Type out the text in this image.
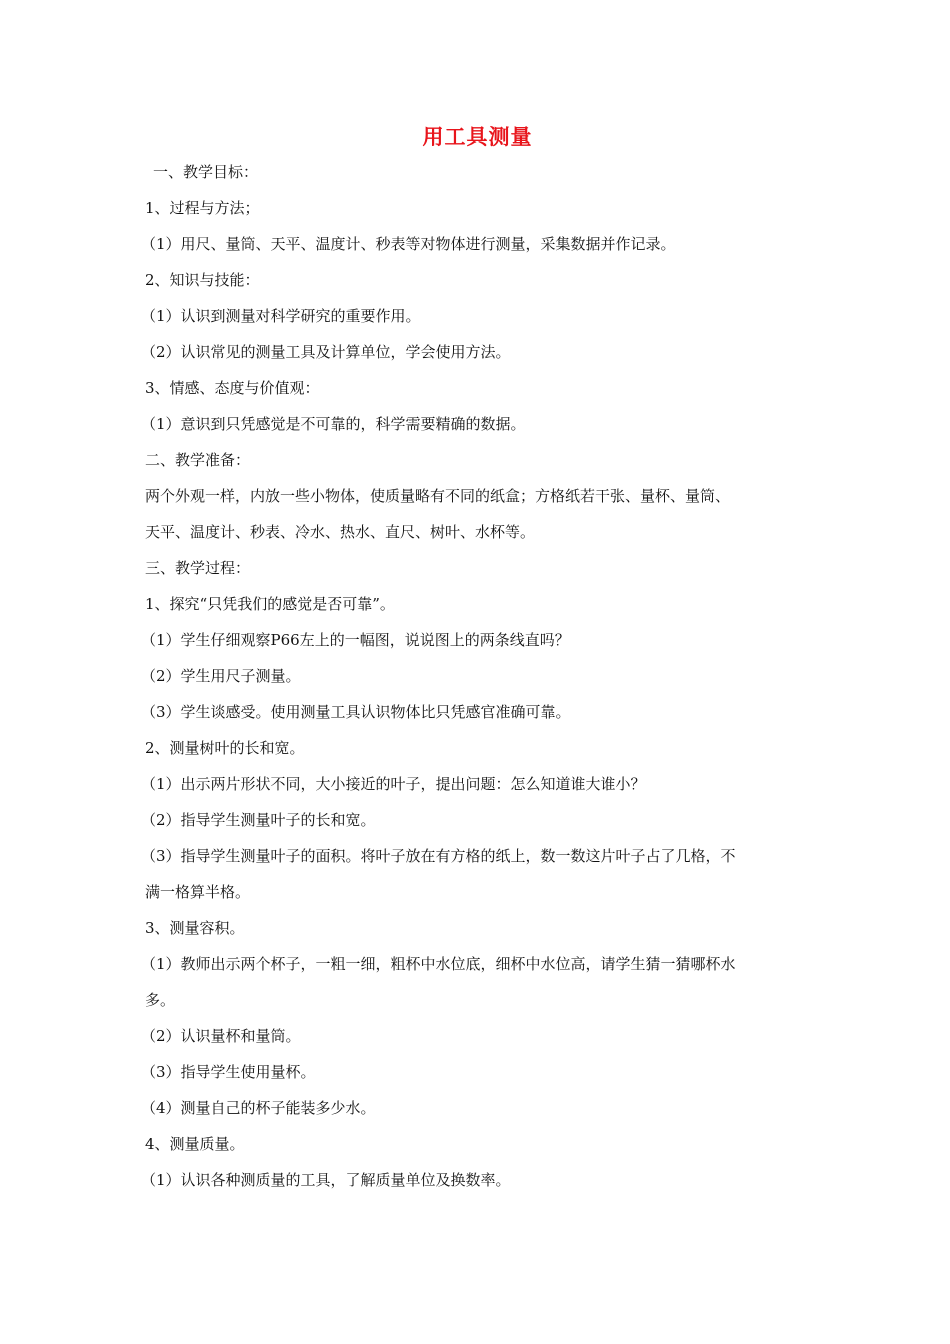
用工具测量

一、教学目标：

1、过程与方法；

（1）用尺、量筒、天平、温度计、秒表等对物体进行测量，采集数据并作记录。

2、知识与技能：

（1）认识到测量对科学研究的重要作用。

（2）认识常见的测量工具及计算单位，学会使用方法。

3、情感、态度与价值观：

（1）意识到只凭感觉是不可靠的，科学需要精确的数据。

二、教学准备：

两个外观一样，内放一些小物体，使质量略有不同的纸盒；方格纸若干张、量杯、量筒、

天平、温度计、秒表、冷水、热水、直尺、树叶、水杯等。

三、教学过程：

1、探究“只凭我们的感觉是否可靠”。

（1）学生仔细观察P66左上的一幅图，说说图上的两条线直吗？

（2）学生用尺子测量。

（3）学生谈感受。使用测量工具认识物体比只凭感官准确可靠。

2、测量树叶的长和宽。

（1）出示两片形状不同，大小接近的叶子，提出问题：怎么知道谁大谁小？

（2）指导学生测量叶子的长和宽。

（3）指导学生测量叶子的面积。将叶子放在有方格的纸上，数一数这片叶子占了几格，不

满一格算半格。

3、测量容积。

（1）教师出示两个杯子，一粗一细，粗杯中水位底，细杯中水位高，请学生猜一猜哪杯水

多。

（2）认识量杯和量筒。

（3）指导学生使用量杯。

（4）测量自己的杯子能装多少水。

4、测量质量。

（1）认识各种测质量的工具，了解质量单位及换数率。
